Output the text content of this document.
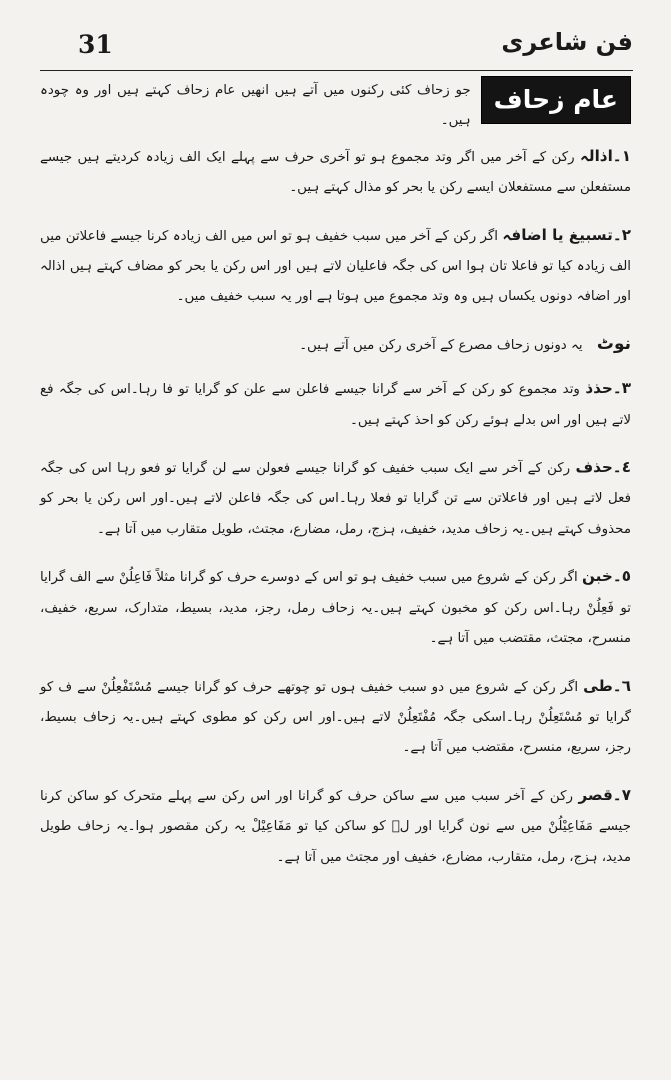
31	فن شاعری
عام زحاف
جو زحاف کئی رکنوں میں آتے ہیں انھیں عام زحاف کہتے ہیں اور وہ چودہ ہیں۔

١۔اذالہ رکن کے آخر میں اگر وتد مجموع ہو تو آخری حرف سے پہلے ایک الف زیادہ کردیتے ہیں جیسے مستفعلن سے مستفعلان ایسے رکن یا بحر کو مذال کہتے ہیں۔

٢۔تسبیغ یا اضافہ اگر رکن کے آخر میں سبب خفیف ہو تو اس میں الف زیادہ کرنا جیسے فاعلاتن میں الف زیادہ کیا تو فاعلا تان ہوا اس کی جگہ فاعلیان لاتے ہیں اور اس رکن یا بحر کو مضاف کہتے ہیں اذالہ اور اضافہ دونوں یکساں ہیں وہ وتد مجموع میں ہوتا ہے اور یہ سبب خفیف میں۔

نوٹ یہ دونوں زحاف مصرع کے آخری رکن میں آتے ہیں۔

٣۔حذذ وتد مجموع کو رکن کے آخر سے گرانا جیسے فاعلن سے علن کو گرایا تو فا رہا۔اس کی جگہ فع لاتے ہیں اور اس بدلے ہوئے رکن کو احذ کہتے ہیں۔

٤۔حذف رکن کے آخر سے ایک سبب خفیف کو گرانا جیسے فعولن سے لن گرایا تو فعو رہا اس کی جگہ فعل لاتے ہیں اور فاعلاتن سے تن گرایا تو فعلا رہا۔اس کی جگہ فاعلن لاتے ہیں۔اور اس رکن یا بحر کو محذوف کہتے ہیں۔یہ زحاف مدید، خفیف، ہزج، رمل، مضارع، مجتث، طویل متقارب میں آتا ہے۔

٥۔خبن اگر رکن کے شروع میں سبب خفیف ہو تو اس کے دوسرے حرف کو گرانا مثلاً فَاعِلُنْ سے الف گرایا تو فَعِلُنْ رہا۔اس رکن کو مخبون کہتے ہیں۔یہ زحاف رمل، رجز، مدید، بسیط، متدارک، سریع، خفیف، منسرح، مجتث، مقتضب میں آتا ہے۔

٦۔طی اگر رکن کے شروع میں دو سبب خفیف ہوں تو چوتھے حرف کو گرانا جیسے مُسْتَفْعِلُنْ سے ف کو گرایا تو مُسْتَعِلُنْ رہا۔اسکی جگہ مُفْتَعِلُنْ لاتے ہیں۔اور اس رکن کو مطوی کہتے ہیں۔یہ زحاف بسیط، رجز، سریع، منسرح، مقتضب میں آتا ہے۔

٧۔قصر رکن کے آخر سبب میں سے ساکن حرف کو گرانا اور اس رکن سے پہلے متحرک کو ساکن کرنا جیسے مَفَاعِیْلُنْ میں سے نون گرایا اور لؔ کو ساکن کیا تو مَفَاعِیْلْ یہ رکن مقصور ہوا۔یہ زحاف طویل مدید، ہزج، رمل، متقارب، مضارع، خفیف اور مجتث میں آتا ہے۔
